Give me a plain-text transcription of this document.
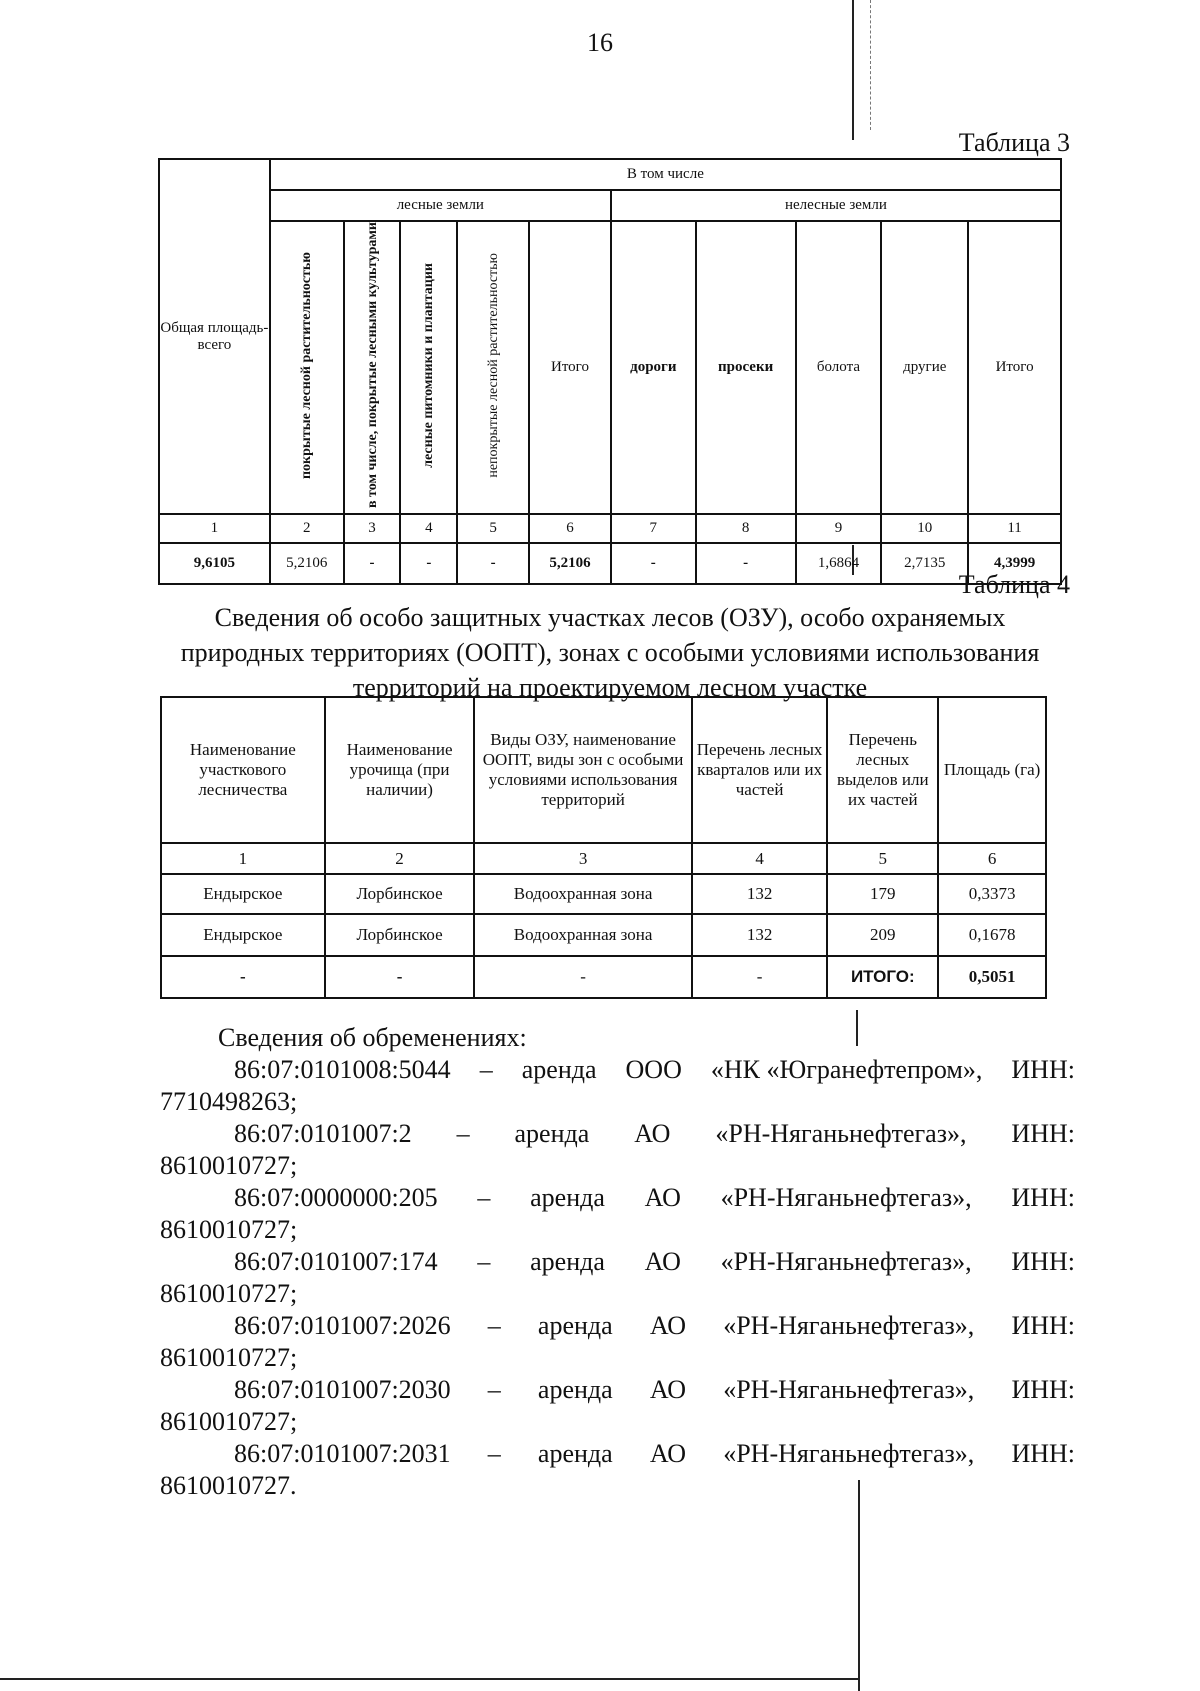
16
Таблица 3
Общая площадь-всего	В том числе									
	лесные земли					нелесные земли				
	покрытые лесной растительностью	в том числе, покрытые лесными культурами	лесные питомники и плантации	непокрытые лесной растительностью	Итого	дороги	просеки	болота	другие	Итого
1	2	3	4	5	6	7	8	9	10	11
9,6105	5,2106	-	-	-	5,2106	-	-	1,6864	2,7135	4,3999
Таблица 4
Сведения об особо защитных участках лесов (ОЗУ), особо охраняемых природных территориях (ООПТ), зонах с особыми условиями использования территорий на проектируемом лесном участке
Наименование участкового лесничества	Наименование урочища (при наличии)	Виды ОЗУ, наименование ООПТ, виды зон с особыми условиями использования территорий	Перечень лесных кварталов или их частей	Перечень лесных выделов или их частей	Площадь (га)
1	2	3	4	5	6
Ендырское	Лорбинское	Водоохранная зона	132	179	0,3373
Ендырское	Лорбинское	Водоохранная зона	132	209	0,1678
-	-	-	-	ИТОГО:	0,5051
Сведения об обременениях:
86:07:0101008:5044 – аренда ООО «НК «Югранефтепром», ИНН:
7710498263;
86:07:0101007:2 – аренда АО «РН-Няганьнефтегаз», ИНН:
8610010727;
86:07:0000000:205 – аренда АО «РН-Няганьнефтегаз», ИНН:
8610010727;
86:07:0101007:174 – аренда АО «РН-Няганьнефтегаз», ИНН:
8610010727;
86:07:0101007:2026 – аренда АО «РН-Няганьнефтегаз», ИНН:
8610010727;
86:07:0101007:2030 – аренда АО «РН-Няганьнефтегаз», ИНН:
8610010727;
86:07:0101007:2031 – аренда АО «РН-Няганьнефтегаз», ИНН:
8610010727.
